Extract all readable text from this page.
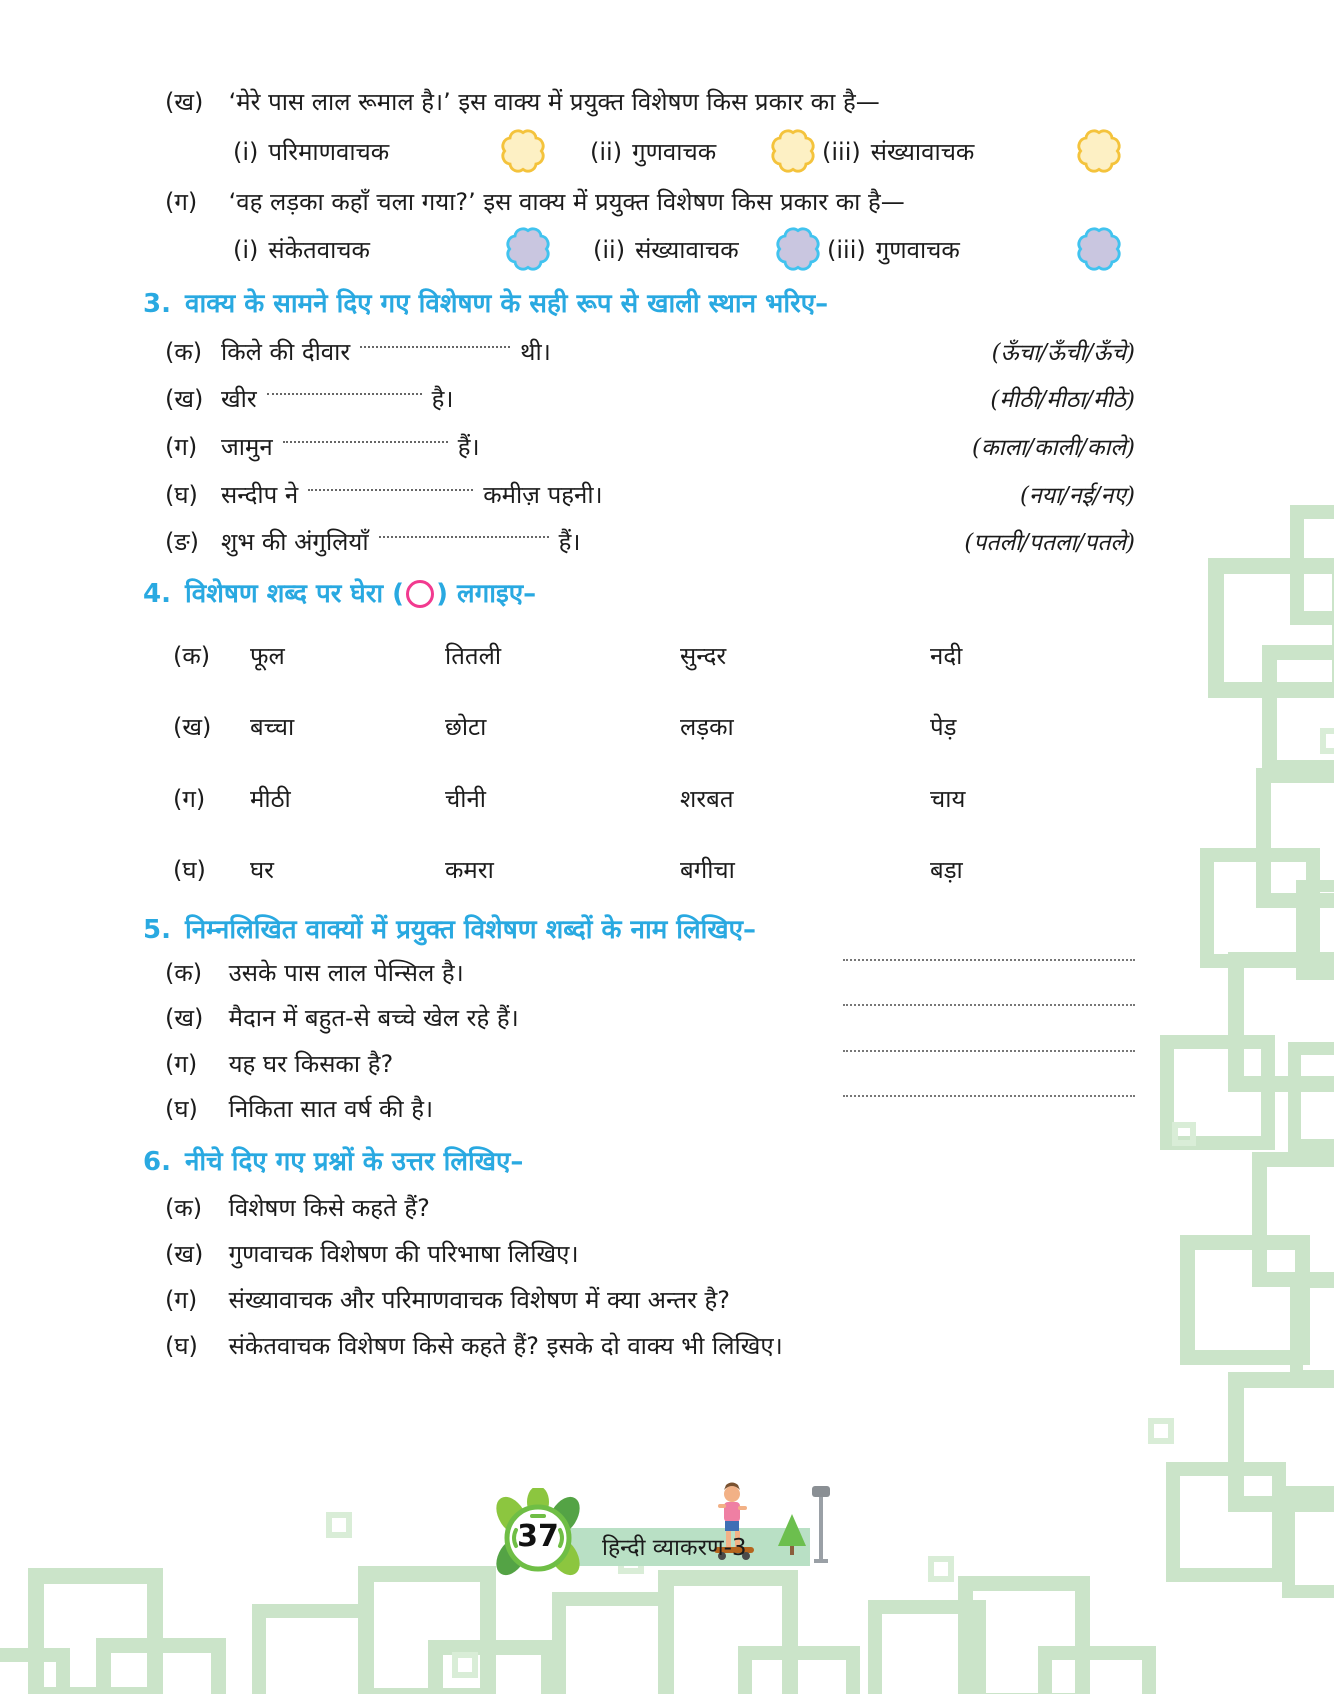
(ख) ‘मेरे पास लाल रूमाल है।’ इस वाक्य में प्रयुक्त विशेषण किस प्रकार का है—
(i) परिमाणवाचक	(ii) गुणवाचक	(iii) संख्यावाचक
(ग) ‘वह लड़का कहाँ चला गया?’ इस वाक्य में प्रयुक्त विशेषण किस प्रकार का है—
(i) संकेतवाचक	(ii) संख्यावाचक	(iii) गुणवाचक
3. वाक्य के सामने दिए गए विशेषण के सही रूप से खाली स्थान भरिए–
(क) किले की दीवार	थी।	(ऊँचा/ऊँची/ऊँचे)
(ख) खीर	है।	(मीठी/मीठा/मीठे)
(ग) जामुन	हैं।	(काला/काली/काले)
(घ) सन्दीप ने	कमीज़ पहनी।	(नया/नई/नए)
(ङ) शुभ की अंगुलियाँ	हैं।	(पतली/पतला/पतले)
4. विशेषण शब्द पर घेरा ( ) लगाइए–
(क)	फूल	तितली	सुन्दर	नदी
(ख)	बच्चा	छोटा	लड़का	पेड़
(ग)	मीठी	चीनी	शरबत	चाय
(घ)	घर	कमरा	बगीचा	बड़ा
5. निम्नलिखित वाक्यों में प्रयुक्त विशेषण शब्दों के नाम लिखिए–
(क) उसके पास लाल पेन्सिल है।
(ख) मैदान में बहुत-से बच्चे खेल रहे हैं।
(ग) यह घर किसका है?
(घ) निकिता सात वर्ष की है।
6. नीचे दिए गए प्रश्नों के उत्तर लिखिए–
(क) विशेषण किसे कहते हैं?
(ख) गुणवाचक विशेषण की परिभाषा लिखिए।
(ग) संख्यावाचक और परिमाणवाचक विशेषण में क्या अन्तर है?
(घ) संकेतवाचक विशेषण किसे कहते हैं? इसके दो वाक्य भी लिखिए।
हिन्दी व्याकरण-3
37
